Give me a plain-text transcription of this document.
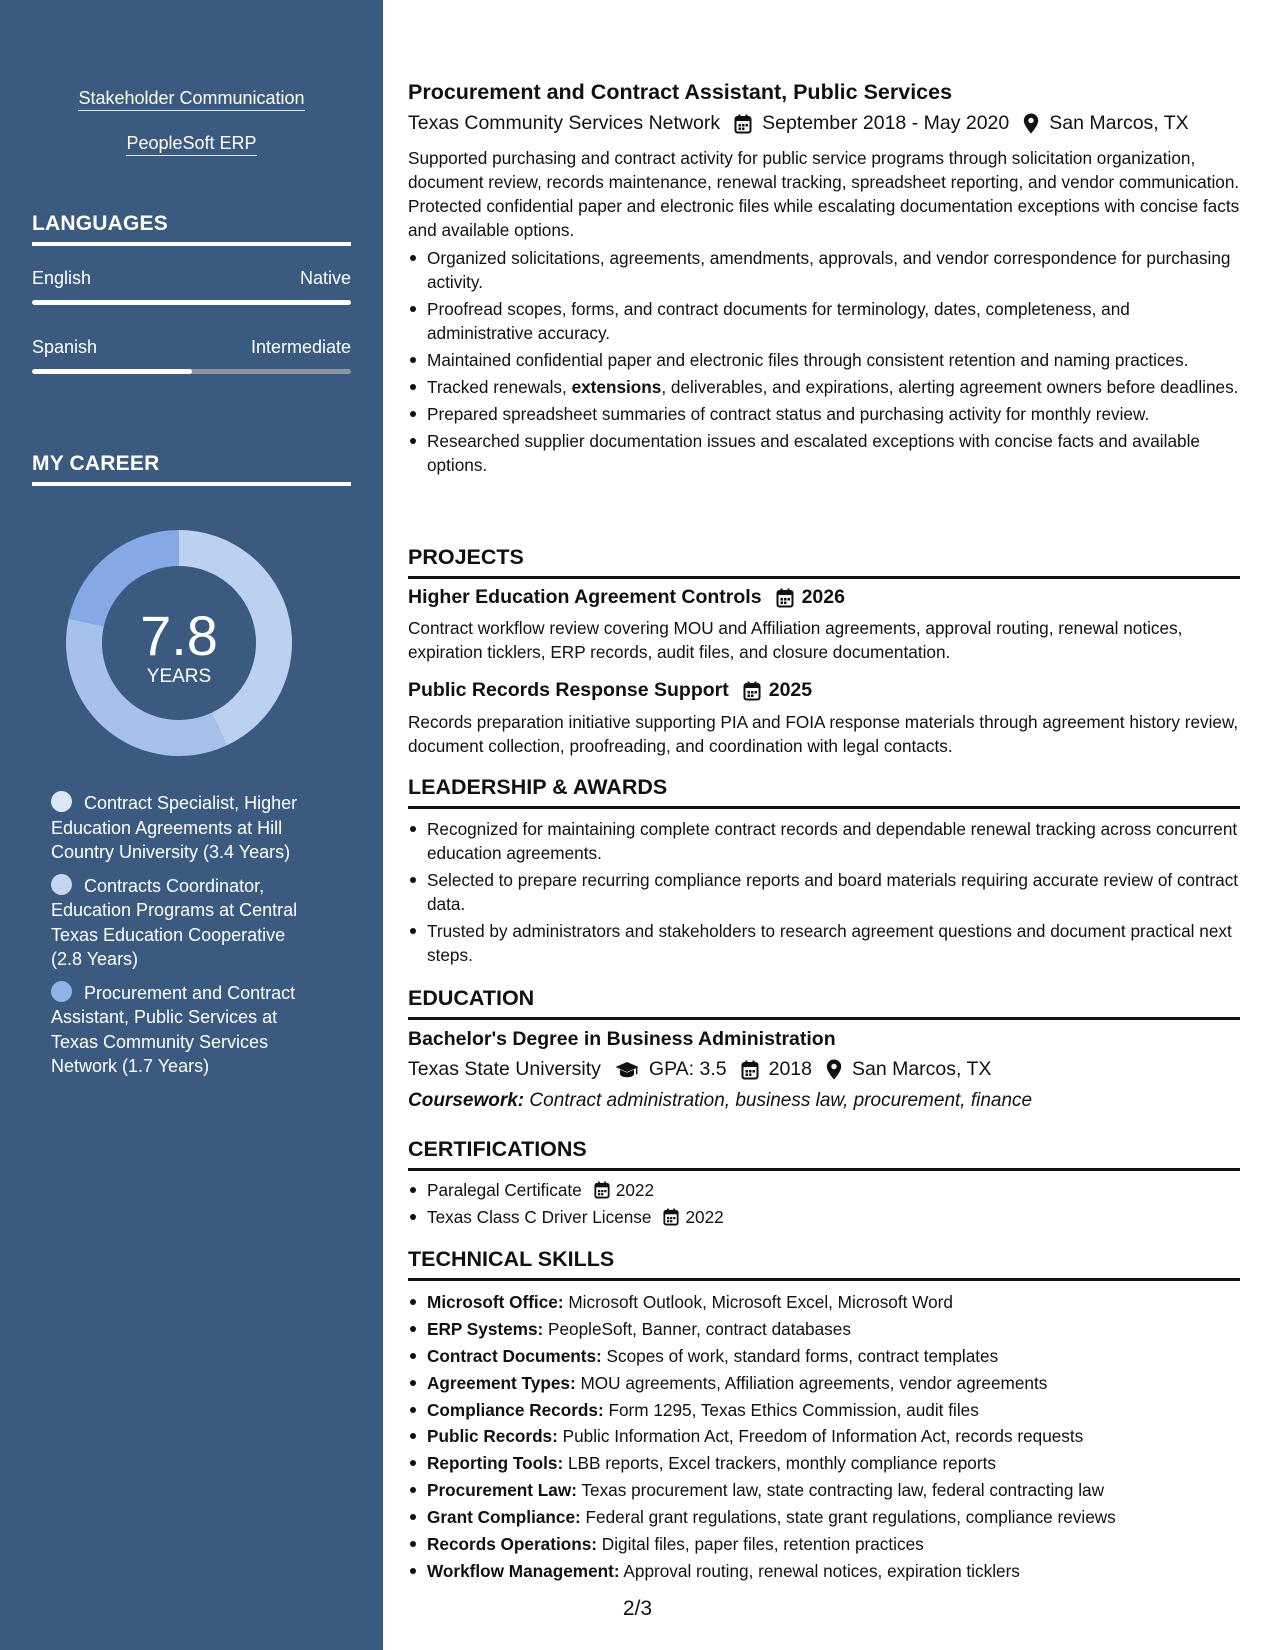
Stakeholder Communication
PeopleSoft ERP
LANGUAGES
English	Native
Spanish	Intermediate
MY CAREER
7.8
YEARS
Contract Specialist, Higher Education Agreements at Hill Country University (3.4 Years)
Contracts Coordinator, Education Programs at Central Texas Education Cooperative (2.8 Years)
Procurement and Contract Assistant, Public Services at Texas Community Services Network (1.7 Years)
Procurement and Contract Assistant, Public Services
Texas Community Services Network September 2018 - May 2020 San Marcos, TX
Supported purchasing and contract activity for public service programs through solicitation organization, document review, records maintenance, renewal tracking, spreadsheet reporting, and vendor communication. Protected confidential paper and electronic files while escalating documentation exceptions with concise facts and available options.
Organized solicitations, agreements, amendments, approvals, and vendor correspondence for purchasing activity.
Proofread scopes, forms, and contract documents for terminology, dates, completeness, and administrative accuracy.
Maintained confidential paper and electronic files through consistent retention and naming practices.
Tracked renewals, extensions, deliverables, and expirations, alerting agreement owners before deadlines.
Prepared spreadsheet summaries of contract status and purchasing activity for monthly review.
Researched supplier documentation issues and escalated exceptions with concise facts and available options.
PROJECTS
Higher Education Agreement Controls 2026
Contract workflow review covering MOU and Affiliation agreements, approval routing, renewal notices, expiration ticklers, ERP records, audit files, and closure documentation.
Public Records Response Support 2025
Records preparation initiative supporting PIA and FOIA response materials through agreement history review, document collection, proofreading, and coordination with legal contacts.
LEADERSHIP & AWARDS
Recognized for maintaining complete contract records and dependable renewal tracking across concurrent education agreements.
Selected to prepare recurring compliance reports and board materials requiring accurate review of contract data.
Trusted by administrators and stakeholders to research agreement questions and document practical next steps.
EDUCATION
Bachelor's Degree in Business Administration
Texas State University GPA: 3.5 2018 San Marcos, TX
Coursework: Contract administration, business law, procurement, finance
CERTIFICATIONS
Paralegal Certificate 2022
Texas Class C Driver License 2022
TECHNICAL SKILLS
Microsoft Office: Microsoft Outlook, Microsoft Excel, Microsoft Word
ERP Systems: PeopleSoft, Banner, contract databases
Contract Documents: Scopes of work, standard forms, contract templates
Agreement Types: MOU agreements, Affiliation agreements, vendor agreements
Compliance Records: Form 1295, Texas Ethics Commission, audit files
Public Records: Public Information Act, Freedom of Information Act, records requests
Reporting Tools: LBB reports, Excel trackers, monthly compliance reports
Procurement Law: Texas procurement law, state contracting law, federal contracting law
Grant Compliance: Federal grant regulations, state grant regulations, compliance reviews
Records Operations: Digital files, paper files, retention practices
Workflow Management: Approval routing, renewal notices, expiration ticklers
2/3
